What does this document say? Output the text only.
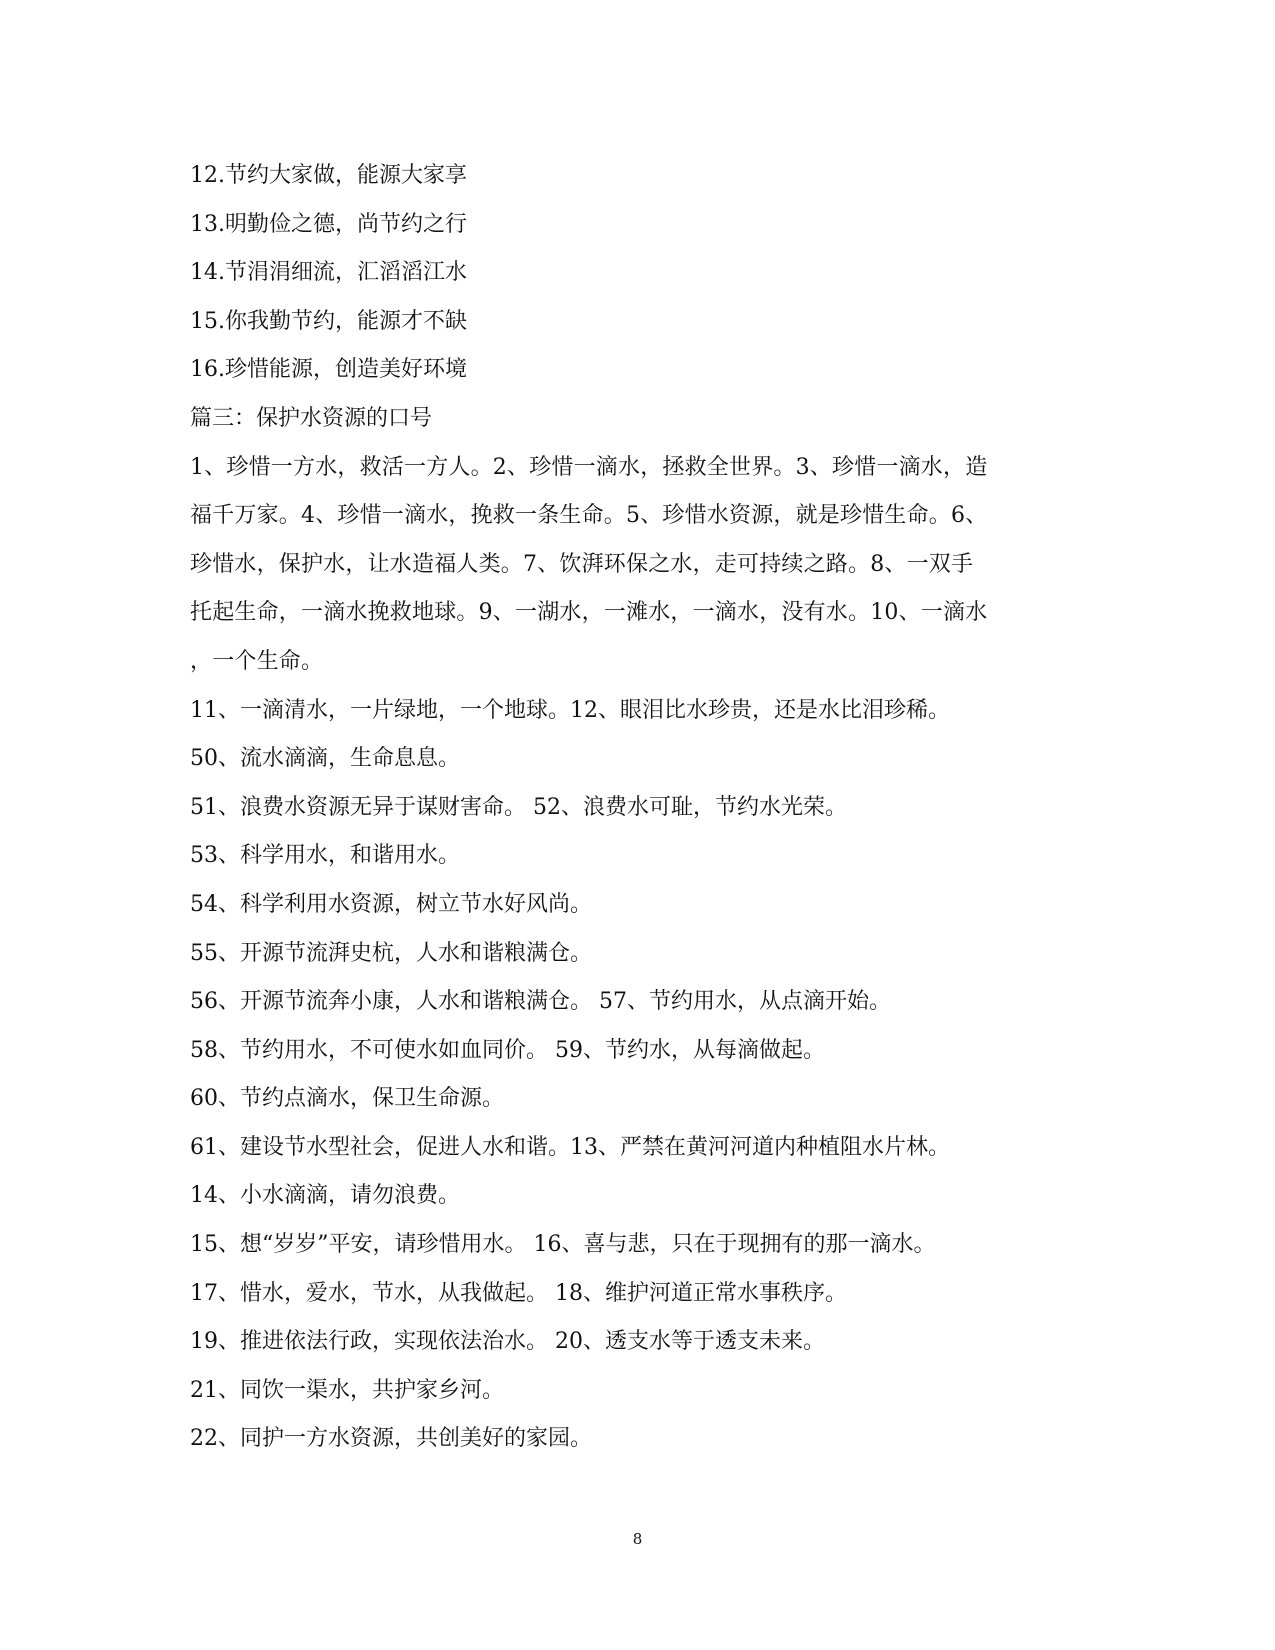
12.节约大家做，能源大家享
13.明勤俭之德，尚节约之行
14.节涓涓细流，汇滔滔江水
15.你我勤节约，能源才不缺
16.珍惜能源，创造美好环境
篇三：保护水资源的口号
1、珍惜一方水，救活一方人。2、珍惜一滴水，拯救全世界。3、珍惜一滴水，造
福千万家。4、珍惜一滴水，挽救一条生命。5、珍惜水资源，就是珍惜生命。6、
珍惜水，保护水，让水造福人类。7、饮湃环保之水，走可持续之路。8、一双手
托起生命，一滴水挽救地球。9、一湖水，一滩水，一滴水，没有水。10、一滴水
，一个生命。
11、一滴清水，一片绿地，一个地球。12、眼泪比水珍贵，还是水比泪珍稀。
50、流水滴滴，生命息息。
51、浪费水资源无异于谋财害命。 52、浪费水可耻，节约水光荣。
53、科学用水，和谐用水。
54、科学利用水资源，树立节水好风尚。
55、开源节流湃史杭，人水和谐粮满仓。
56、开源节流奔小康，人水和谐粮满仓。 57、节约用水，从点滴开始。
58、节约用水，不可使水如血同价。 59、节约水，从每滴做起。
60、节约点滴水，保卫生命源。
61、建设节水型社会，促进人水和谐。13、严禁在黄河河道内种植阻水片林。
14、小水滴滴，请勿浪费。
15、想“岁岁”平安，请珍惜用水。 16、喜与悲，只在于现拥有的那一滴水。
17、惜水，爱水，节水，从我做起。 18、维护河道正常水事秩序。
19、推进依法行政，实现依法治水。 20、透支水等于透支未来。
21、同饮一渠水，共护家乡河。
22、同护一方水资源，共创美好的家园。
8
